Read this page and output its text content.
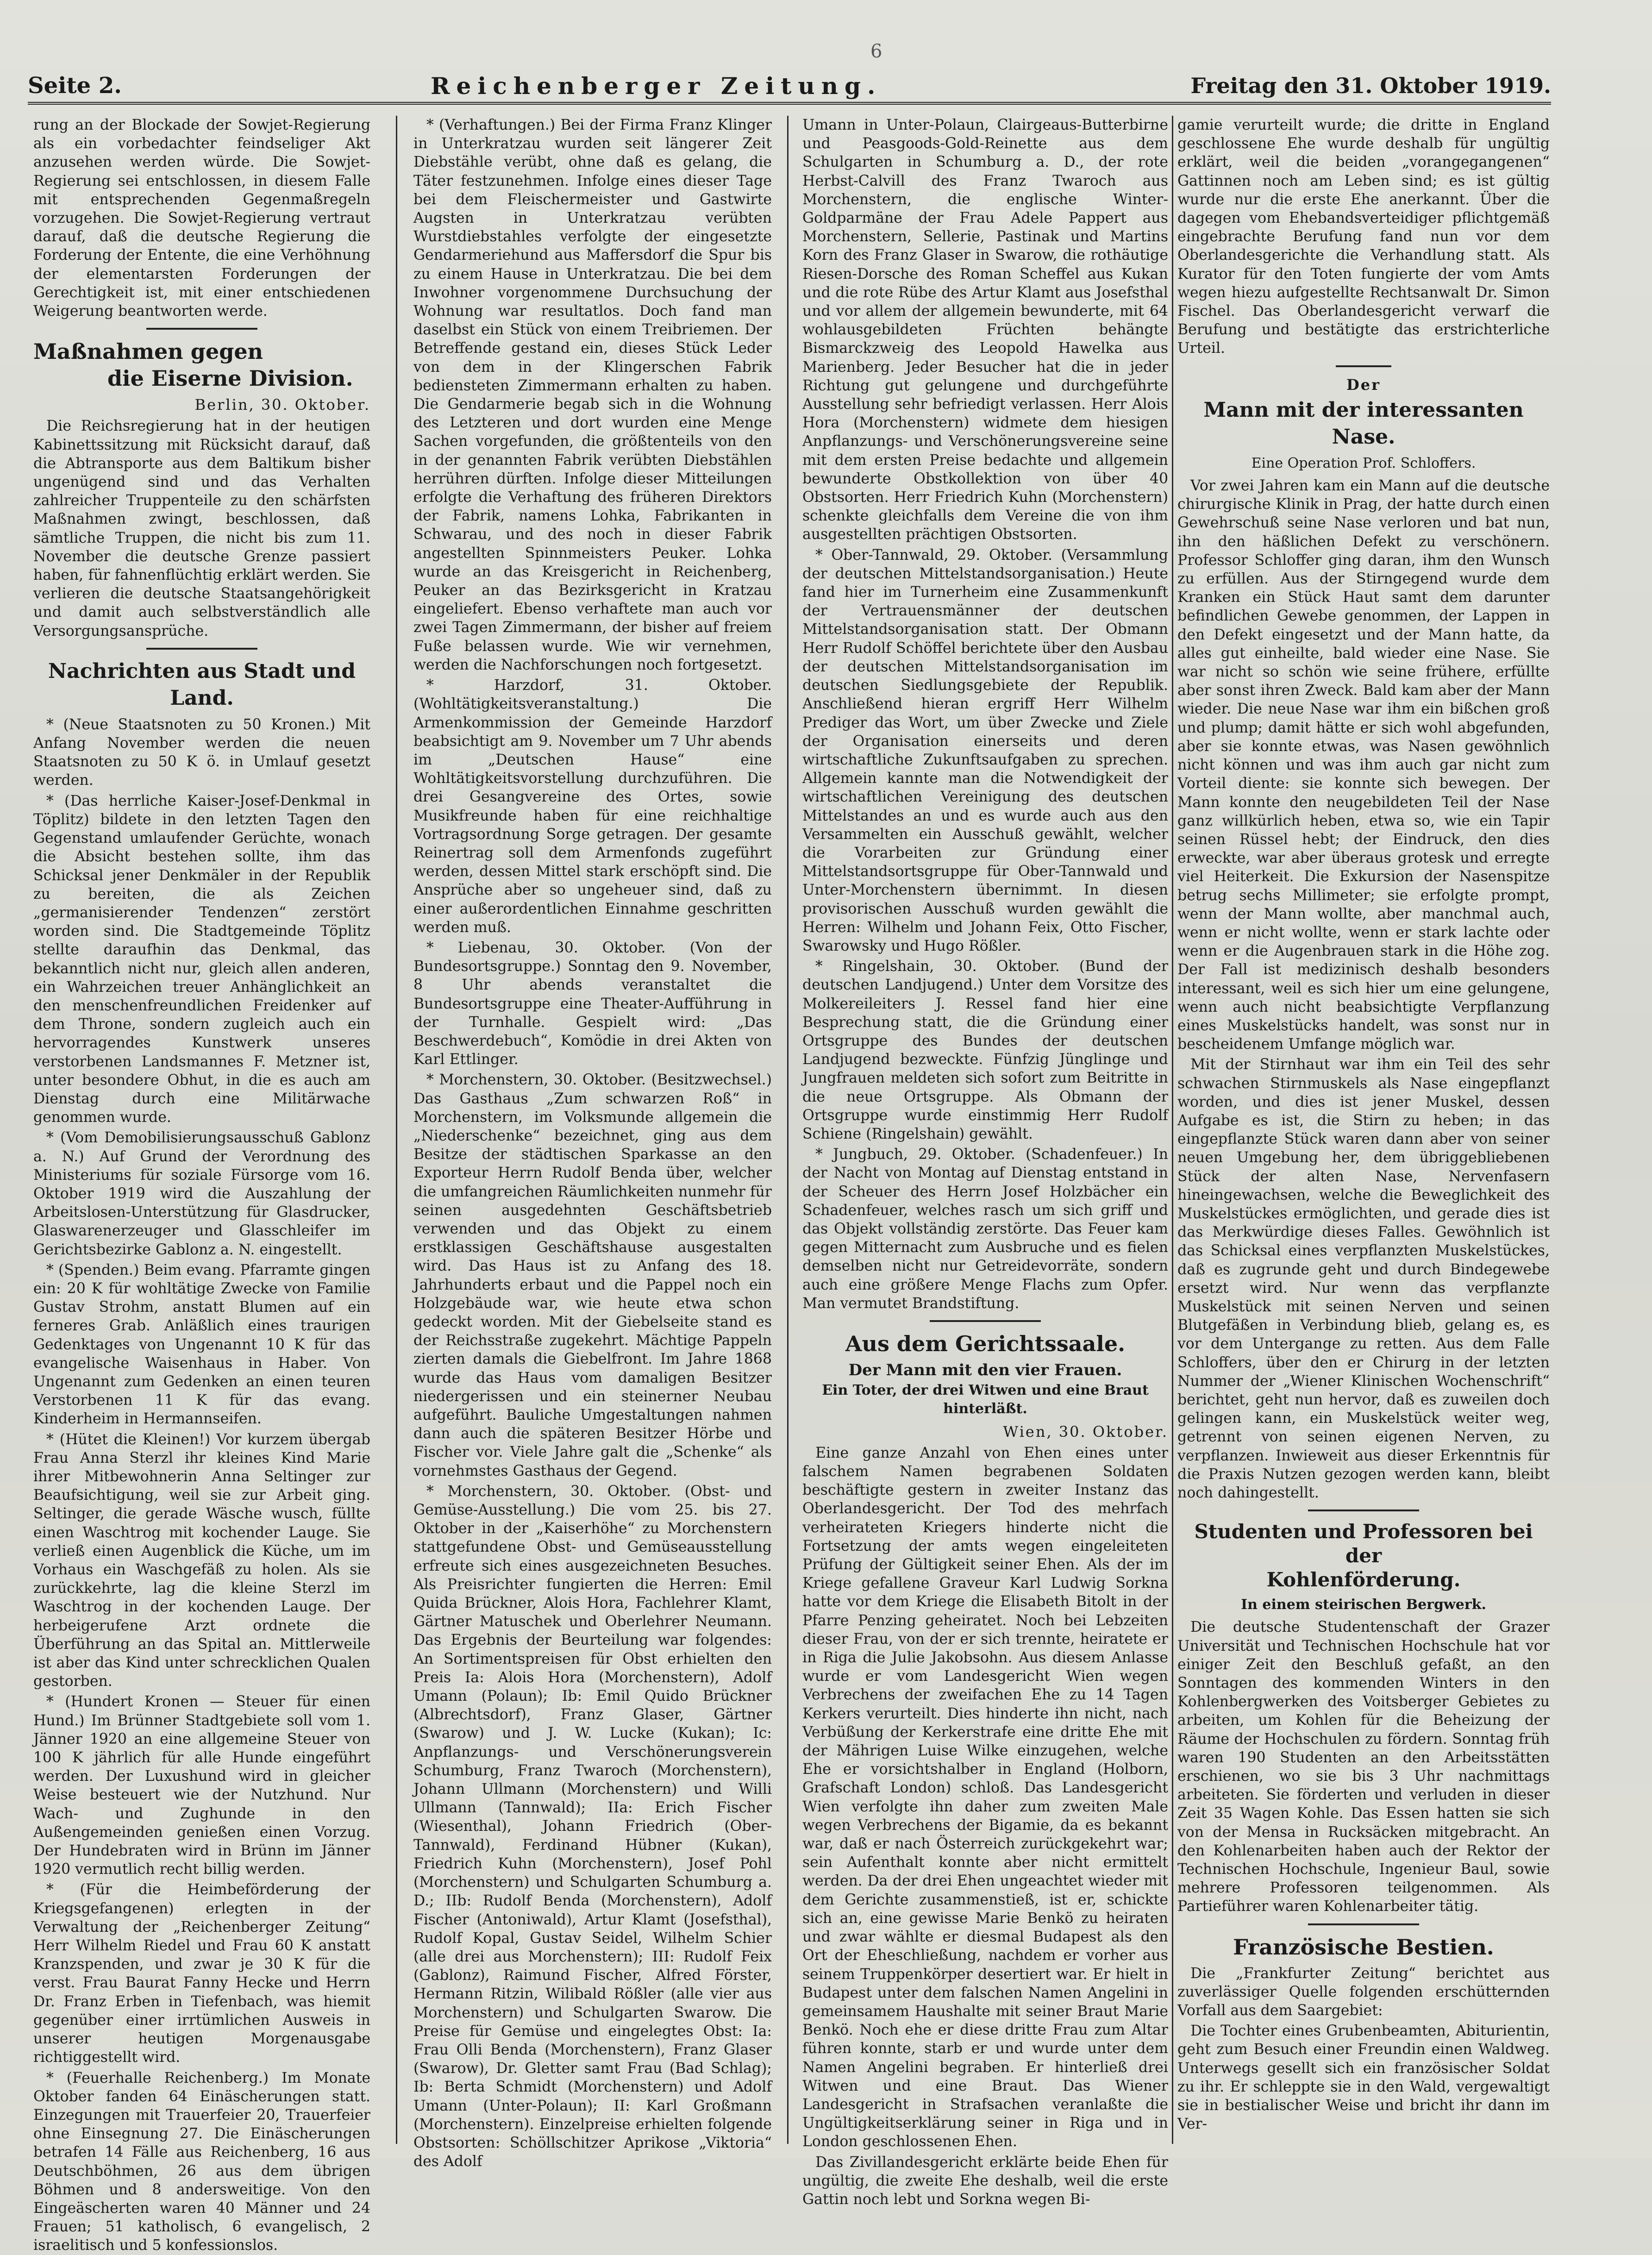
6
Seite 2.	Reichenberger Zeitung.	Freitag den 31. Oktober 1919.

rung an der Blockade der Sowjet-Regierung als ein vorbedachter feindseliger Akt anzusehen werden würde. Die Sowjet-Regierung sei entschlossen, in diesem Falle mit entsprechenden Gegenmaßregeln vorzugehen. Die Sowjet-Regierung vertraut darauf, daß die deutsche Regierung die Forderung der Entente, die eine Verhöhnung der elementarsten Forderungen der Gerechtigkeit ist, mit einer entschiedenen Weigerung beantworten werde.

Maßnahmen gegen
die Eiserne Division.
Berlin, 30. Oktober.

Die Reichsregierung hat in der heutigen Kabinettssitzung mit Rücksicht darauf, daß die Abtransporte aus dem Baltikum bisher ungenügend sind und das Verhalten zahlreicher Truppenteile zu den schärfsten Maßnahmen zwingt, beschlossen, daß sämtliche Truppen, die nicht bis zum 11. November die deutsche Grenze passiert haben, für fahnenflüchtig erklärt werden. Sie verlieren die deutsche Staatsangehörigkeit und damit auch selbstverständlich alle Versorgungsansprüche.

Nachrichten aus Stadt und Land.

* (Neue Staatsnoten zu 50 Kronen.) Mit Anfang November werden die neuen Staatsnoten zu 50 K ö. in Umlauf gesetzt werden.

* (Das herrliche Kaiser-Josef-Denkmal in Töplitz) bildete in den letzten Tagen den Gegenstand umlaufender Gerüchte, wonach die Absicht bestehen sollte, ihm das Schicksal jener Denkmäler in der Republik zu bereiten, die als Zeichen „germanisierender Tendenzen“ zerstört worden sind. Die Stadtgemeinde Töplitz stellte daraufhin das Denkmal, das bekanntlich nicht nur, gleich allen anderen, ein Wahrzeichen treuer Anhänglichkeit an den menschenfreundlichen Freidenker auf dem Throne, sondern zugleich auch ein hervorragendes Kunstwerk unseres verstorbenen Landsmannes F. Metzner ist, unter besondere Obhut, in die es auch am Dienstag durch eine Militärwache genommen wurde.

* (Vom Demobilisierungsausschuß Gablonz a. N.) Auf Grund der Verordnung des Ministeriums für soziale Fürsorge vom 16. Oktober 1919 wird die Auszahlung der Arbeitslosen-Unterstützung für Glasdrucker, Glaswarenerzeuger und Glasschleifer im Gerichtsbezirke Gablonz a. N. eingestellt.

* (Spenden.) Beim evang. Pfarramte gingen ein: 20 K für wohltätige Zwecke von Familie Gustav Strohm, anstatt Blumen auf ein ferneres Grab. Anläßlich eines traurigen Gedenktages von Ungenannt 10 K für das evangelische Waisenhaus in Haber. Von Ungenannt zum Gedenken an einen teuren Verstorbenen 11 K für das evang. Kinderheim in Hermannseifen.

* (Hütet die Kleinen!) Vor kurzem übergab Frau Anna Sterzl ihr kleines Kind Marie ihrer Mitbewohnerin Anna Seltinger zur Beaufsichtigung, weil sie zur Arbeit ging. Seltinger, die gerade Wäsche wusch, füllte einen Waschtrog mit kochender Lauge. Sie verließ einen Augenblick die Küche, um im Vorhaus ein Waschgefäß zu holen. Als sie zurückkehrte, lag die kleine Sterzl im Waschtrog in der kochenden Lauge. Der herbeigerufene Arzt ordnete die Überführung an das Spital an. Mittlerweile ist aber das Kind unter schrecklichen Qualen gestorben.

* (Hundert Kronen — Steuer für einen Hund.) Im Brünner Stadtgebiete soll vom 1. Jänner 1920 an eine allgemeine Steuer von 100 K jährlich für alle Hunde eingeführt werden. Der Luxushund wird in gleicher Weise besteuert wie der Nutzhund. Nur Wach- und Zughunde in den Außengemeinden genießen einen Vorzug. Der Hundebraten wird in Brünn im Jänner 1920 vermutlich recht billig werden.

* (Für die Heimbeförderung der Kriegsgefangenen) erlegten in der Verwaltung der „Reichenberger Zeitung“ Herr Wilhelm Riedel und Frau 60 K anstatt Kranzspenden, und zwar je 30 K für die verst. Frau Baurat Fanny Hecke und Herrn Dr. Franz Erben in Tiefenbach, was hiemit gegenüber einer irrtümlichen Ausweis in unserer heutigen Morgenausgabe richtiggestellt wird.

* (Feuerhalle Reichenberg.) Im Monate Oktober fanden 64 Einäscherungen statt. Einzegungen mit Trauerfeier 20, Trauerfeier ohne Einsegnung 27. Die Einäscherungen betrafen 14 Fälle aus Reichenberg, 16 aus Deutschböhmen, 26 aus dem übrigen Böhmen und 8 andersweitige. Von den Eingeäscherten waren 40 Männer und 24 Frauen; 51 katholisch, 6 evangelisch, 2 israelitisch und 5 konfessionslos.

* (Verhaftungen.) Bei der Firma Franz Klinger in Unterkratzau wurden seit längerer Zeit Diebstähle verübt, ohne daß es gelang, die Täter festzunehmen. Infolge eines dieser Tage bei dem Fleischermeister und Gastwirte Augsten in Unterkratzau verübten Wurstdiebstahles verfolgte der eingesetzte Gendarmeriehund aus Maffersdorf die Spur bis zu einem Hause in Unterkratzau. Die bei dem Inwohner vorgenommene Durchsuchung der Wohnung war resultatlos. Doch fand man daselbst ein Stück von einem Treibriemen. Der Betreffende gestand ein, dieses Stück Leder von dem in der Klingerschen Fabrik bediensteten Zimmermann erhalten zu haben. Die Gendarmerie begab sich in die Wohnung des Letzteren und dort wurden eine Menge Sachen vorgefunden, die größtenteils von den in der genannten Fabrik verübten Diebstählen herrühren dürften. Infolge dieser Mitteilungen erfolgte die Verhaftung des früheren Direktors der Fabrik, namens Lohka, Fabrikanten in Schwarau, und des noch in dieser Fabrik angestellten Spinnmeisters Peuker. Lohka wurde an das Kreisgericht in Reichenberg, Peuker an das Bezirksgericht in Kratzau eingeliefert. Ebenso verhaftete man auch vor zwei Tagen Zimmermann, der bisher auf freiem Fuße belassen wurde. Wie wir vernehmen, werden die Nachforschungen noch fortgesetzt.

* Harzdorf, 31. Oktober. (Wohltätigkeitsveranstaltung.) Die Armenkommission der Gemeinde Harzdorf beabsichtigt am 9. November um 7 Uhr abends im „Deutschen Hause“ eine Wohltätigkeitsvorstellung durchzuführen. Die drei Gesangvereine des Ortes, sowie Musikfreunde haben für eine reichhaltige Vortragsordnung Sorge getragen. Der gesamte Reinertrag soll dem Armenfonds zugeführt werden, dessen Mittel stark erschöpft sind. Die Ansprüche aber so ungeheuer sind, daß zu einer außerordentlichen Einnahme geschritten werden muß.

* Liebenau, 30. Oktober. (Von der Bundesortsgruppe.) Sonntag den 9. November, 8 Uhr abends veranstaltet die Bundesortsgruppe eine Theater-Aufführung in der Turnhalle. Gespielt wird: „Das Beschwerdebuch“, Komödie in drei Akten von Karl Ettlinger.

* Morchenstern, 30. Oktober. (Besitzwechsel.) Das Gasthaus „Zum schwarzen Roß“ in Morchenstern, im Volksmunde allgemein die „Niederschenke“ bezeichnet, ging aus dem Besitze der städtischen Sparkasse an den Exporteur Herrn Rudolf Benda über, welcher die umfangreichen Räumlichkeiten nunmehr für seinen ausgedehnten Geschäftsbetrieb verwenden und das Objekt zu einem erstklassigen Geschäftshause ausgestalten wird. Das Haus ist zu Anfang des 18. Jahrhunderts erbaut und die Pappel noch ein Holzgebäude war, wie heute etwa schon gedeckt worden. Mit der Giebelseite stand es der Reichsstraße zugekehrt. Mächtige Pappeln zierten damals die Giebelfront. Im Jahre 1868 wurde das Haus vom damaligen Besitzer niedergerissen und ein steinerner Neubau aufgeführt. Bauliche Umgestaltungen nahmen dann auch die späteren Besitzer Hörbe und Fischer vor. Viele Jahre galt die „Schenke“ als vornehmstes Gasthaus der Gegend.

* Morchenstern, 30. Oktober. (Obst- und Gemüse-Ausstellung.) Die vom 25. bis 27. Oktober in der „Kaiserhöhe“ zu Morchenstern stattgefundene Obst- und Gemüseausstellung erfreute sich eines ausgezeichneten Besuches. Als Preisrichter fungierten die Herren: Emil Quida Brückner, Alois Hora, Fachlehrer Klamt, Gärtner Matuschek und Oberlehrer Neumann. Das Ergebnis der Beurteilung war folgendes: An Sortimentspreisen für Obst erhielten den Preis Ia: Alois Hora (Morchenstern), Adolf Umann (Polaun); Ib: Emil Quido Brückner (Albrechtsdorf), Franz Glaser, Gärtner (Swarow) und J. W. Lucke (Kukan); Ic: Anpflanzungs- und Verschönerungsverein Schumburg, Franz Twaroch (Morchenstern), Johann Ullmann (Morchenstern) und Willi Ullmann (Tannwald); IIa: Erich Fischer (Wiesenthal), Johann Friedrich (Ober-Tannwald), Ferdinand Hübner (Kukan), Friedrich Kuhn (Morchenstern), Josef Pohl (Morchenstern) und Schulgarten Schumburg a. D.; IIb: Rudolf Benda (Morchenstern), Adolf Fischer (Antoniwald), Artur Klamt (Josefsthal), Rudolf Kopal, Gustav Seidel, Wilhelm Schier (alle drei aus Morchenstern); III: Rudolf Feix (Gablonz), Raimund Fischer, Alfred Förster, Hermann Ritzin, Wilibald Rößler (alle vier aus Morchenstern) und Schulgarten Swarow. Die Preise für Gemüse und eingelegtes Obst: Ia: Frau Olli Benda (Morchenstern), Franz Glaser (Swarow), Dr. Gletter samt Frau (Bad Schlag); Ib: Berta Schmidt (Morchenstern) und Adolf Umann (Unter-Polaun); II: Karl Großmann (Morchenstern). Einzelpreise erhielten folgende Obstsorten: Schöllschitzer Aprikose „Viktoria“ des Adolf

Umann in Unter-Polaun, Clairgeaus-Butterbirne und Peasgoods-Gold-Reinette aus dem Schulgarten in Schumburg a. D., der rote Herbst-Calvill des Franz Twaroch aus Morchenstern, die englische Winter-Goldparmäne der Frau Adele Pappert aus Morchenstern, Sellerie, Pastinak und Martins Korn des Franz Glaser in Swarow, die rothäutige Riesen-Dorsche des Roman Scheffel aus Kukan und die rote Rübe des Artur Klamt aus Josefsthal und vor allem der allgemein bewunderte, mit 64 wohlausgebildeten Früchten behängte Bismarckzweig des Leopold Hawelka aus Marienberg. Jeder Besucher hat die in jeder Richtung gut gelungene und durchgeführte Ausstellung sehr befriedigt verlassen. Herr Alois Hora (Morchenstern) widmete dem hiesigen Anpflanzungs- und Verschönerungsvereine seine mit dem ersten Preise bedachte und allgemein bewunderte Obstkollektion von über 40 Obstsorten. Herr Friedrich Kuhn (Morchenstern) schenkte gleichfalls dem Vereine die von ihm ausgestellten prächtigen Obstsorten.

* Ober-Tannwald, 29. Oktober. (Versammlung der deutschen Mittelstandsorganisation.) Heute fand hier im Turnerheim eine Zusammenkunft der Vertrauensmänner der deutschen Mittelstandsorganisation statt. Der Obmann Herr Rudolf Schöffel berichtete über den Ausbau der deutschen Mittelstandsorganisation im deutschen Siedlungsgebiete der Republik. Anschließend hieran ergriff Herr Wilhelm Prediger das Wort, um über Zwecke und Ziele der Organisation einerseits und deren wirtschaftliche Zukunftsaufgaben zu sprechen. Allgemein kannte man die Notwendigkeit der wirtschaftlichen Vereinigung des deutschen Mittelstandes an und es wurde auch aus den Versammelten ein Ausschuß gewählt, welcher die Vorarbeiten zur Gründung einer Mittelstandsortsgruppe für Ober-Tannwald und Unter-Morchenstern übernimmt. In diesen provisorischen Ausschuß wurden gewählt die Herren: Wilhelm und Johann Feix, Otto Fischer, Swarowsky und Hugo Rößler.

* Ringelshain, 30. Oktober. (Bund der deutschen Landjugend.) Unter dem Vorsitze des Molkereileiters J. Ressel fand hier eine Besprechung statt, die die Gründung einer Ortsgruppe des Bundes der deutschen Landjugend bezweckte. Fünfzig Jünglinge und Jungfrauen meldeten sich sofort zum Beitritte in die neue Ortsgruppe. Als Obmann der Ortsgruppe wurde einstimmig Herr Rudolf Schiene (Ringelshain) gewählt.

* Jungbuch, 29. Oktober. (Schadenfeuer.) In der Nacht von Montag auf Dienstag entstand in der Scheuer des Herrn Josef Holzbächer ein Schadenfeuer, welches rasch um sich griff und das Objekt vollständig zerstörte. Das Feuer kam gegen Mitternacht zum Ausbruche und es fielen demselben nicht nur Getreidevorräte, sondern auch eine größere Menge Flachs zum Opfer. Man vermutet Brandstiftung.

Aus dem Gerichtssaale.
Der Mann mit den vier Frauen.
Ein Toter, der drei Witwen und eine Braut hinterläßt.
Wien, 30. Oktober.

Eine ganze Anzahl von Ehen eines unter falschem Namen begrabenen Soldaten beschäftigte gestern in zweiter Instanz das Oberlandesgericht. Der Tod des mehrfach verheirateten Kriegers hinderte nicht die Fortsetzung der amts wegen eingeleiteten Prüfung der Gültigkeit seiner Ehen. Als der im Kriege gefallene Graveur Karl Ludwig Sorkna hatte vor dem Kriege die Elisabeth Bitolt in der Pfarre Penzing geheiratet. Noch bei Lebzeiten dieser Frau, von der er sich trennte, heiratete er in Riga die Julie Jakobsohn. Aus diesem Anlasse wurde er vom Landesgericht Wien wegen Verbrechens der zweifachen Ehe zu 14 Tagen Kerkers verurteilt. Dies hinderte ihn nicht, nach Verbüßung der Kerkerstrafe eine dritte Ehe mit der Mährigen Luise Wilke einzugehen, welche Ehe er vorsichtshalber in England (Holborn, Grafschaft London) schloß. Das Landesgericht Wien verfolgte ihn daher zum zweiten Male wegen Verbrechens der Bigamie, da es bekannt war, daß er nach Österreich zurückgekehrt war; sein Aufenthalt konnte aber nicht ermittelt werden. Da der drei Ehen ungeachtet wieder mit dem Gerichte zusammenstieß, ist er, schickte sich an, eine gewisse Marie Benkö zu heiraten und zwar wählte er diesmal Budapest als den Ort der Eheschließung, nachdem er vorher aus seinem Truppenkörper desertiert war. Er hielt in Budapest unter dem falschen Namen Angelini in gemeinsamem Haushalte mit seiner Braut Marie Benkö. Noch ehe er diese dritte Frau zum Altar führen konnte, starb er und wurde unter dem Namen Angelini begraben. Er hinterließ drei Witwen und eine Braut. Das Wiener Landesgericht in Strafsachen veranlaßte die Ungültigkeitserklärung seiner in Riga und in London geschlossenen Ehen.

Das Zivillandesgericht erklärte beide Ehen für ungültig, die zweite Ehe deshalb, weil die erste Gattin noch lebt und Sorkna wegen Bi-

gamie verurteilt wurde; die dritte in England geschlossene Ehe wurde deshalb für ungültig erklärt, weil die beiden „vorangegangenen“ Gattinnen noch am Leben sind; es ist gültig wurde nur die erste Ehe anerkannt. Über die dagegen vom Ehebandsverteidiger pflichtgemäß eingebrachte Berufung fand nun vor dem Oberlandesgerichte die Verhandlung statt. Als Kurator für den Toten fungierte der vom Amts wegen hiezu aufgestellte Rechtsanwalt Dr. Simon Fischel. Das Oberlandesgericht verwarf die Berufung und bestätigte das erstrichterliche Urteil.

Der
Mann mit der interessanten Nase.
Eine Operation Prof. Schloffers.

Vor zwei Jahren kam ein Mann auf die deutsche chirurgische Klinik in Prag, der hatte durch einen Gewehrschuß seine Nase verloren und bat nun, ihn den häßlichen Defekt zu verschönern. Professor Schloffer ging daran, ihm den Wunsch zu erfüllen. Aus der Stirngegend wurde dem Kranken ein Stück Haut samt dem darunter befindlichen Gewebe genommen, der Lappen in den Defekt eingesetzt und der Mann hatte, da alles gut einheilte, bald wieder eine Nase. Sie war nicht so schön wie seine frühere, erfüllte aber sonst ihren Zweck. Bald kam aber der Mann wieder. Die neue Nase war ihm ein bißchen groß und plump; damit hätte er sich wohl abgefunden, aber sie konnte etwas, was Nasen gewöhnlich nicht können und was ihm auch gar nicht zum Vorteil diente: sie konnte sich bewegen. Der Mann konnte den neugebildeten Teil der Nase ganz willkürlich heben, etwa so, wie ein Tapir seinen Rüssel hebt; der Eindruck, den dies erweckte, war aber überaus grotesk und erregte viel Heiterkeit. Die Exkursion der Nasenspitze betrug sechs Millimeter; sie erfolgte prompt, wenn der Mann wollte, aber manchmal auch, wenn er nicht wollte, wenn er stark lachte oder wenn er die Augenbrauen stark in die Höhe zog. Der Fall ist medizinisch deshalb besonders interessant, weil es sich hier um eine gelungene, wenn auch nicht beabsichtigte Verpflanzung eines Muskelstücks handelt, was sonst nur in bescheidenem Umfange möglich war.

Mit der Stirnhaut war ihm ein Teil des sehr schwachen Stirnmuskels als Nase eingepflanzt worden, und dies ist jener Muskel, dessen Aufgabe es ist, die Stirn zu heben; in das eingepflanzte Stück waren dann aber von seiner neuen Umgebung her, dem übriggebliebenen Stück der alten Nase, Nervenfasern hineingewachsen, welche die Beweglichkeit des Muskelstückes ermöglichten, und gerade dies ist das Merkwürdige dieses Falles. Gewöhnlich ist das Schicksal eines verpflanzten Muskelstückes, daß es zugrunde geht und durch Bindegewebe ersetzt wird. Nur wenn das verpflanzte Muskelstück mit seinen Nerven und seinen Blutgefäßen in Verbindung blieb, gelang es, es vor dem Untergange zu retten. Aus dem Falle Schloffers, über den er Chirurg in der letzten Nummer der „Wiener Klinischen Wochenschrift“ berichtet, geht nun hervor, daß es zuweilen doch gelingen kann, ein Muskelstück weiter weg, getrennt von seinen eigenen Nerven, zu verpflanzen. Inwieweit aus dieser Erkenntnis für die Praxis Nutzen gezogen werden kann, bleibt noch dahingestellt.

Studenten und Professoren bei der
Kohlenförderung.
In einem steirischen Bergwerk.

Die deutsche Studentenschaft der Grazer Universität und Technischen Hochschule hat vor einiger Zeit den Beschluß gefaßt, an den Sonntagen des kommenden Winters in den Kohlenbergwerken des Voitsberger Gebietes zu arbeiten, um Kohlen für die Beheizung der Räume der Hochschulen zu fördern. Sonntag früh waren 190 Studenten an den Arbeitsstätten erschienen, wo sie bis 3 Uhr nachmittags arbeiteten. Sie förderten und verluden in dieser Zeit 35 Wagen Kohle. Das Essen hatten sie sich von der Mensa in Rucksäcken mitgebracht. An den Kohlenarbeiten haben auch der Rektor der Technischen Hochschule, Ingenieur Baul, sowie mehrere Professoren teilgenommen. Als Partieführer waren Kohlenarbeiter tätig.

Französische Bestien.

Die „Frankfurter Zeitung“ berichtet aus zuverlässiger Quelle folgenden erschütternden Vorfall aus dem Saargebiet:

Die Tochter eines Grubenbeamten, Abiturientin, geht zum Besuch einer Freundin einen Waldweg. Unterwegs gesellt sich ein französischer Soldat zu ihr. Er schleppte sie in den Wald, vergewaltigt sie in bestialischer Weise und bricht ihr dann im Ver-
